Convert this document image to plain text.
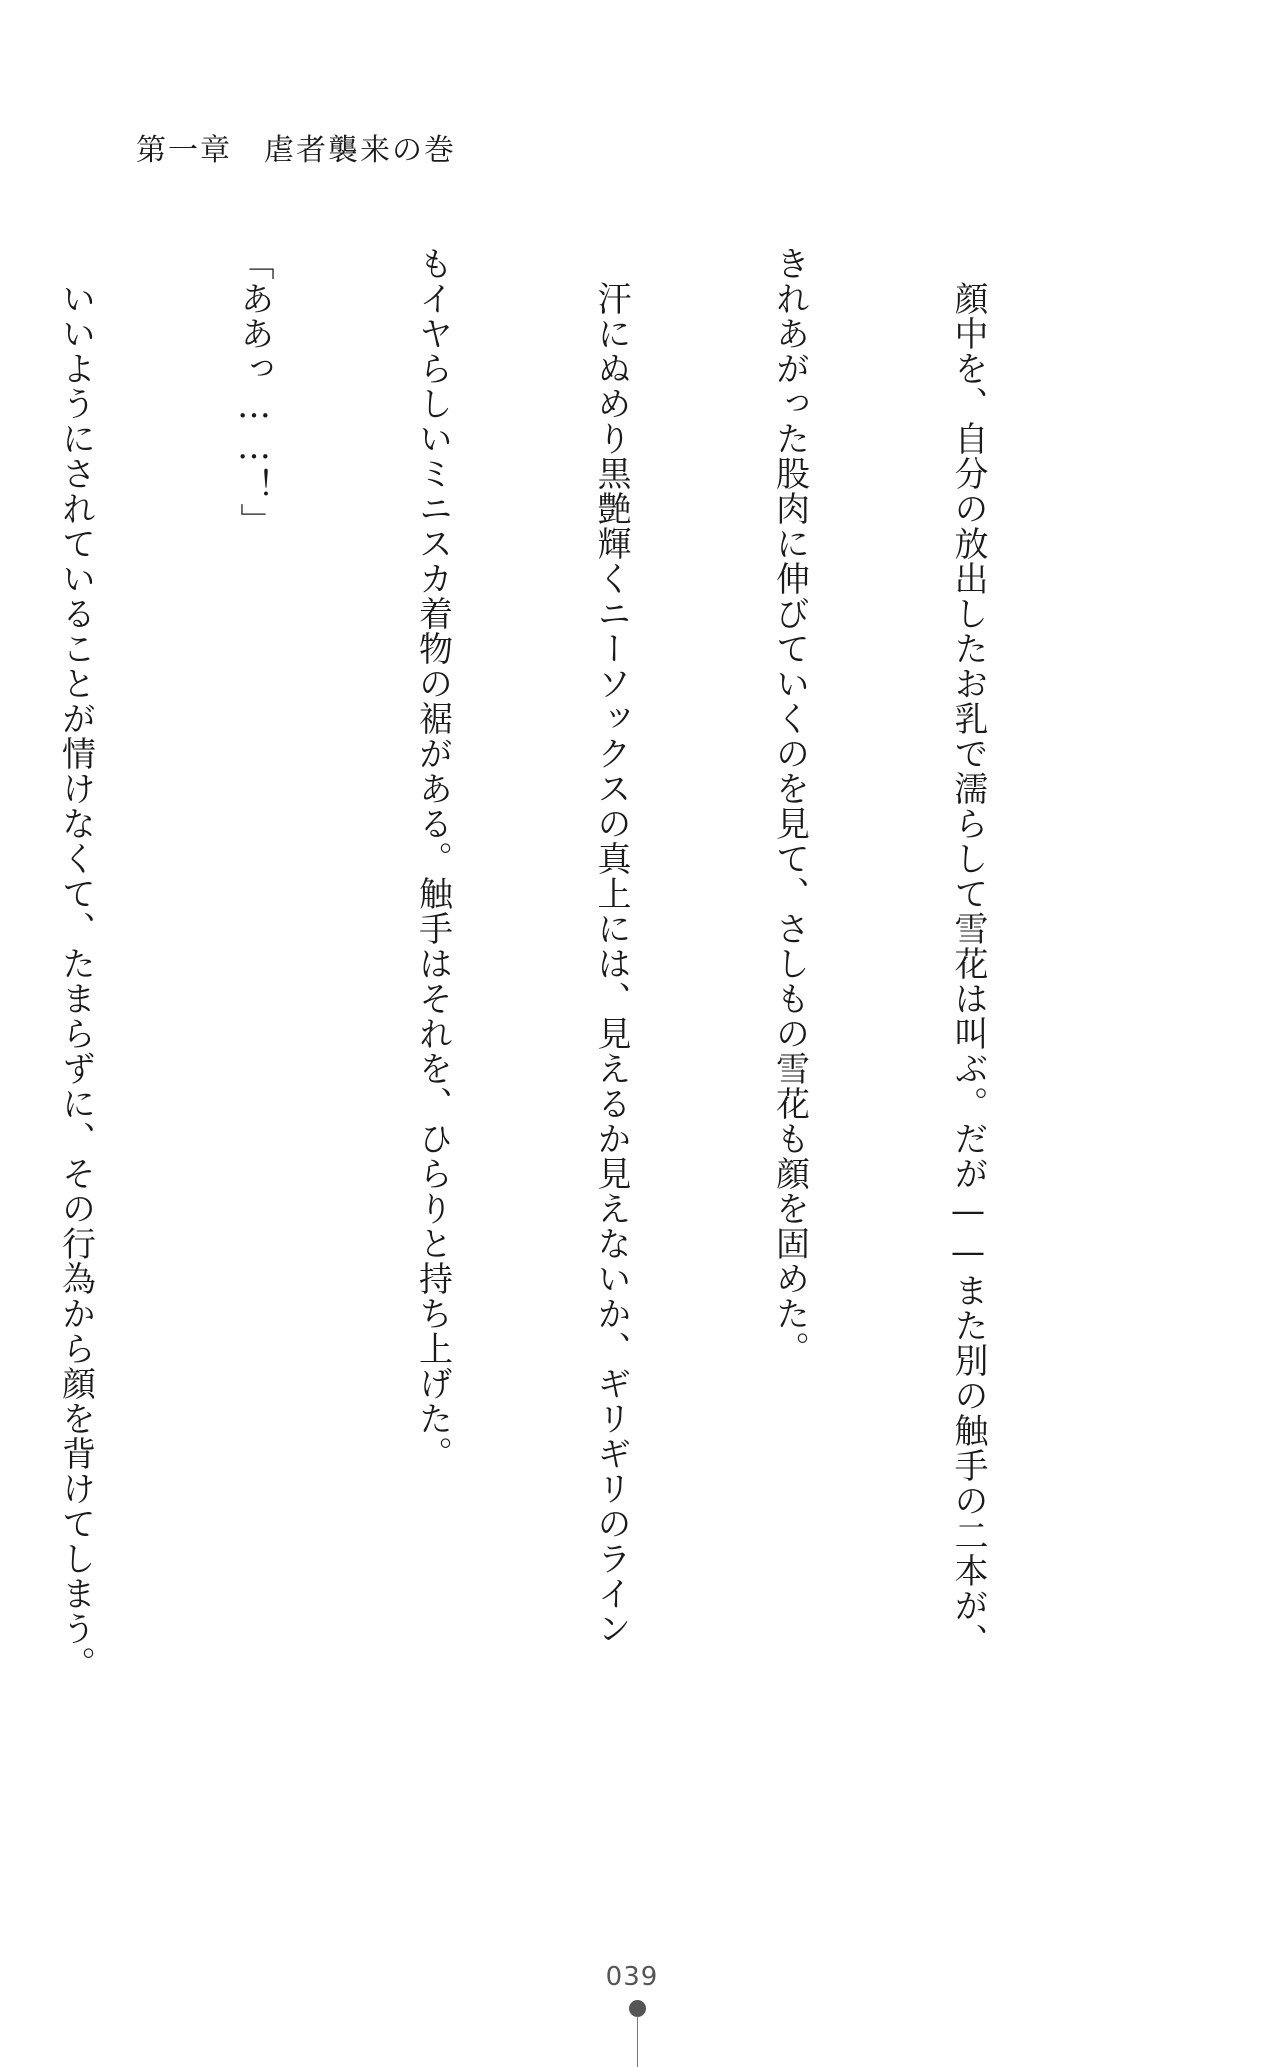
第一章　虐者襲来の巻

　顔中を、自分の放出したお乳で濡らして雪花は叫ぶ。だが——また別の触手の二本が、

きれあがった股肉に伸びていくのを見て、さしもの雪花も顔を固めた。

　汗にぬめり黒艶輝くニーソックスの真上には、見えるか見えないか、ギリギリのライン

もイヤらしいミニスカ着物の裾がある。触手はそれを、ひらりと持ち上げた。

「ああっ……！」

　いいようにされていることが情けなくて、たまらずに、その行為から顔を背けてしまう。

039
